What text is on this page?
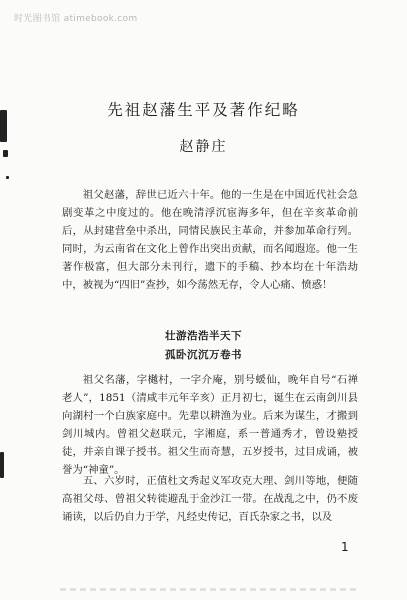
时光图书馆 atimebook.com
先祖赵藩生平及著作纪略
赵静庄

祖父赵藩，辞世已近六十年。他的一生是在中国近代社会急剧变革之中度过的。他在晚清浮沉宦海多年，但在辛亥革命前后，从封建营垒中杀出，同情民族民主革命，并参加革命行列。同时，为云南省在文化上曾作出突出贡献，而名闻遐迩。他一生著作极富，但大部分未刊行，遗下的手稿、抄本均在十年浩劫中，被视为“四旧”查抄，如今荡然无存，令人心痛、愤惑！

壮游浩浩半天下
孤卧沉沉万卷书

祖父名藩，字樾村，一字介庵，别号蝯仙，晚年自号“石禅老人”，1851（清咸丰元年辛亥）正月初七，诞生在云南剑川县向湖村一个白族家庭中。先辈以耕渔为业。后来为谋生，才搬到剑川城内。曾祖父赵联元，字湘庭，系一普通秀才，曾设塾授徒，并亲自课子授书。祖父生而奇慧，五岁授书，过目成诵，被誉为“神童”。

五、六岁时，正值杜文秀起义军攻克大理、剑川等地，便随高祖父母、曾祖父转徙避乱于金沙江一带。在战乱之中，仍不废诵读，以后仍自力于学，凡经史传记，百氏杂家之书，以及

1
